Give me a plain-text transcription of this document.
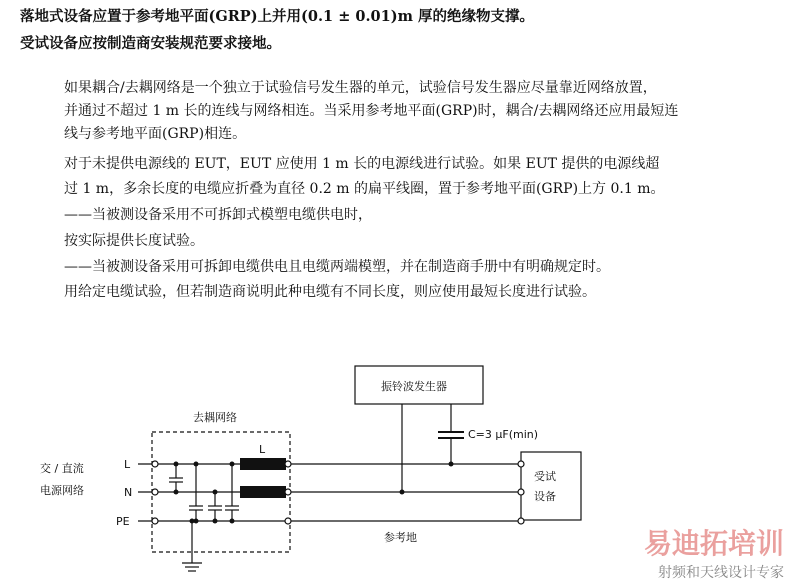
落地式设备应置于参考地平面(GRP)上并用(0.1 ± 0.01)m 厚的绝缘物支撑。
受试设备应按制造商安装规范要求接地。
如果耦合/去耦网络是一个独立于试验信号发生器的单元，试验信号发生器应尽量靠近网络放置，
并通过不超过 1 m 长的连线与网络相连。当采用参考地平面(GRP)时，耦合/去耦网络还应用最短连
线与参考地平面(GRP)相连。
对于未提供电源线的 EUT，EUT 应使用 1 m 长的电源线进行试验。如果 EUT 提供的电源线超
过 1 m，多余长度的电缆应折叠为直径 0.2 m 的扁平线圈，置于参考地平面(GRP)上方 0.1 m。
——当被测设备采用不可拆卸式模塑电缆供电时，
按实际提供长度试验。
——当被测设备采用可拆卸电缆供电且电缆两端模塑，并在制造商手册中有明确规定时。
用给定电缆试验，但若制造商说明此种电缆有不同长度，则应使用最短长度进行试验。
振铃波发生器
去耦网络
交 / 直流
电源网络
L
N
PE
L
C=3 μF(min)
受试
设备
参考地	易迪拓培训
射频和天线设计专家
